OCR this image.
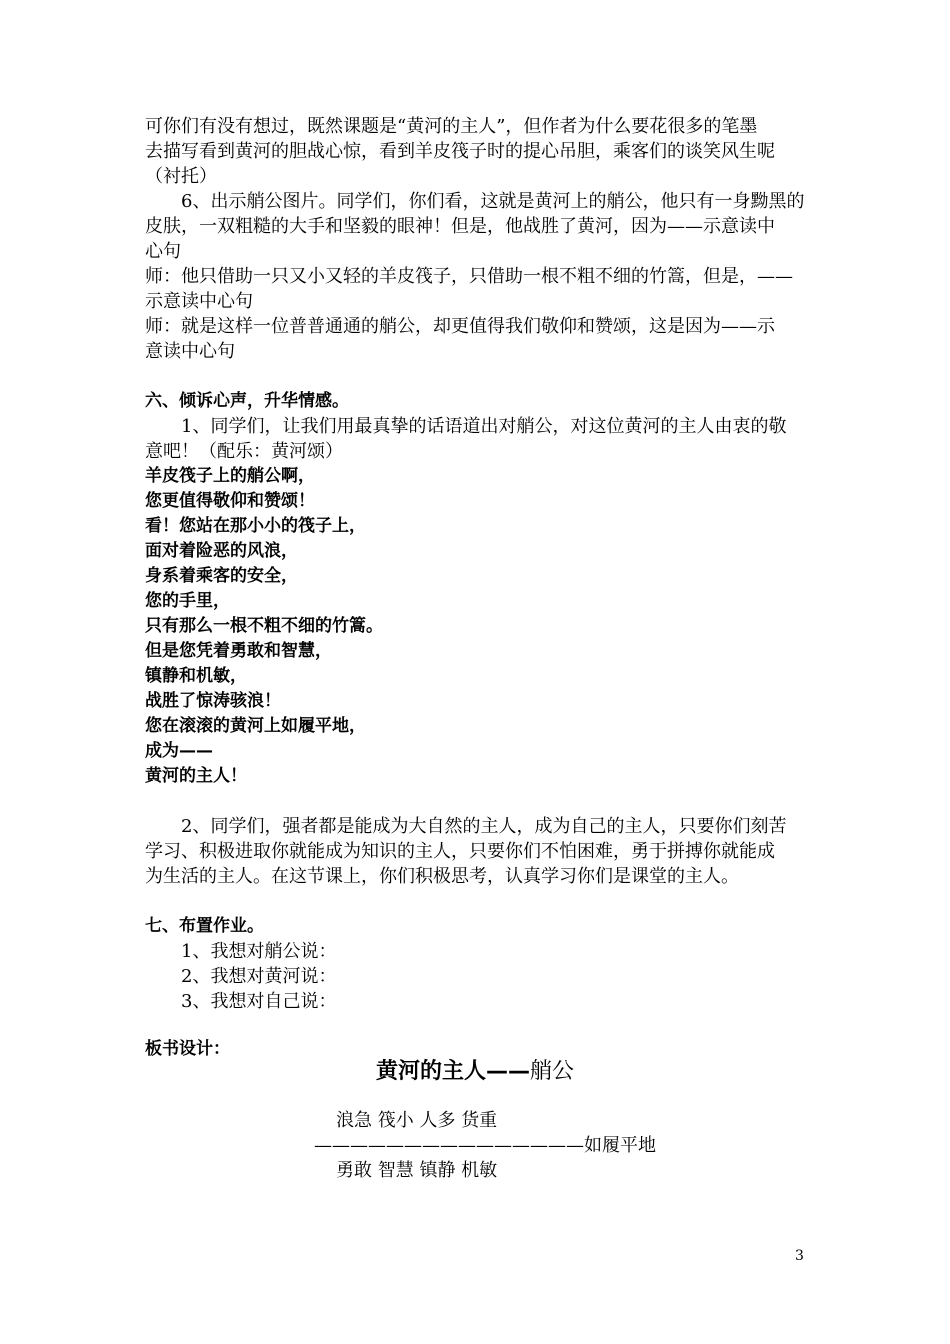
可你们有没有想过，既然课题是“黄河的主人”，但作者为什么要花很多的笔墨
去描写看到黄河的胆战心惊，看到羊皮筏子时的提心吊胆，乘客们的谈笑风生呢
（衬托）
6、出示艄公图片。同学们，你们看，这就是黄河上的艄公，他只有一身黝黑的
皮肤，一双粗糙的大手和坚毅的眼神！但是，他战胜了黄河，因为——示意读中
心句
师：他只借助一只又小又轻的羊皮筏子，只借助一根不粗不细的竹篙，但是，——
示意读中心句
师：就是这样一位普普通通的艄公，却更值得我们敬仰和赞颂，这是因为——示
意读中心句
六、倾诉心声，升华情感。
1、同学们，让我们用最真挚的话语道出对艄公，对这位黄河的主人由衷的敬
意吧！（配乐：黄河颂）
羊皮筏子上的艄公啊，
您更值得敬仰和赞颂！
看！您站在那小小的筏子上，
面对着险恶的风浪，
身系着乘客的安全，
您的手里，
只有那么一根不粗不细的竹篙。
但是您凭着勇敢和智慧，
镇静和机敏，
战胜了惊涛骇浪！
您在滚滚的黄河上如履平地，
成为——
黄河的主人！
2、同学们，强者都是能成为大自然的主人，成为自己的主人，只要你们刻苦
学习、积极进取你就能成为知识的主人，只要你们不怕困难，勇于拼搏你就能成
为生活的主人。在这节课上，你们积极思考，认真学习你们是课堂的主人。
七、布置作业。
1、我想对艄公说：
2、我想对黄河说：
3、我想对自己说：
板书设计：
黄河的主人——艄公
浪急 筏小 人多 货重
———————————————如履平地
勇敢 智慧 镇静 机敏
3
